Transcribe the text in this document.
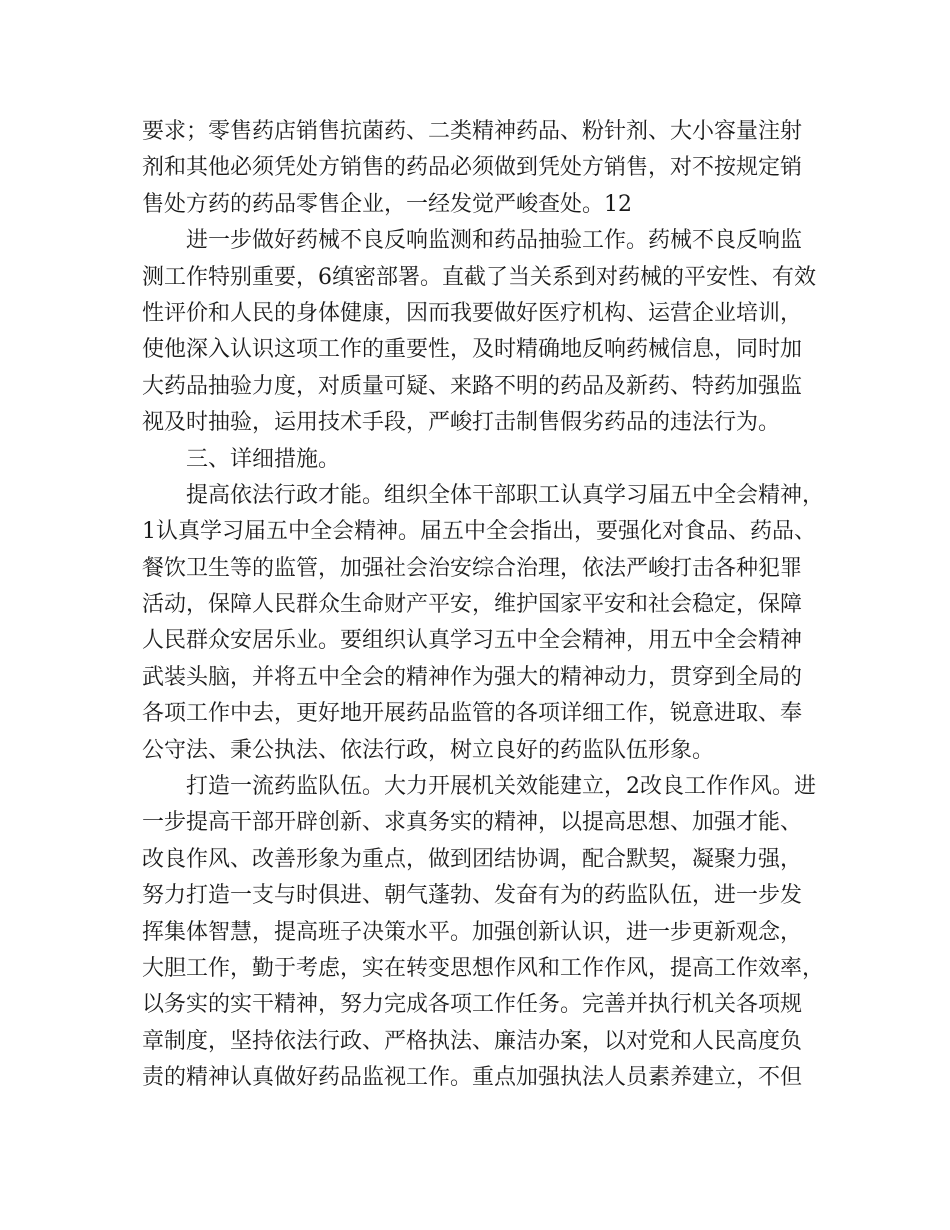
要求；零售药店销售抗菌药、二类精神药品、粉针剂、大小容量注射
剂和其他必须凭处方销售的药品必须做到凭处方销售，对不按规定销
售处方药的药品零售企业，一经发觉严峻查处。12
进一步做好药械不良反响监测和药品抽验工作。药械不良反响监
测工作特别重要，6缜密部署。直截了当关系到对药械的平安性、有效
性评价和人民的身体健康，因而我要做好医疗机构、运营企业培训，
使他深入认识这项工作的重要性，及时精确地反响药械信息，同时加
大药品抽验力度，对质量可疑、来路不明的药品及新药、特药加强监
视及时抽验，运用技术手段，严峻打击制售假劣药品的违法行为。
三、详细措施。
提高依法行政才能。组织全体干部职工认真学习届五中全会精神，
1认真学习届五中全会精神。届五中全会指出，要强化对食品、药品、
餐饮卫生等的监管，加强社会治安综合治理，依法严峻打击各种犯罪
活动，保障人民群众生命财产平安，维护国家平安和社会稳定，保障
人民群众安居乐业。要组织认真学习五中全会精神，用五中全会精神
武装头脑，并将五中全会的精神作为强大的精神动力，贯穿到全局的
各项工作中去，更好地开展药品监管的各项详细工作，锐意进取、奉
公守法、秉公执法、依法行政，树立良好的药监队伍形象。
打造一流药监队伍。大力开展机关效能建立，2改良工作作风。进
一步提高干部开辟创新、求真务实的精神，以提高思想、加强才能、
改良作风、改善形象为重点，做到团结协调，配合默契，凝聚力强，
努力打造一支与时俱进、朝气蓬勃、发奋有为的药监队伍，进一步发
挥集体智慧，提高班子决策水平。加强创新认识，进一步更新观念，
大胆工作，勤于考虑，实在转变思想作风和工作作风，提高工作效率，
以务实的实干精神，努力完成各项工作任务。完善并执行机关各项规
章制度，坚持依法行政、严格执法、廉洁办案，以对党和人民高度负
责的精神认真做好药品监视工作。重点加强执法人员素养建立，不但
